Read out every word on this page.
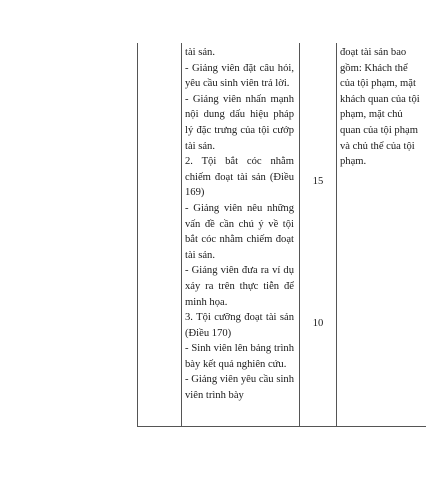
tài sản.

- Giảng viên đặt câu hỏi, yêu cầu sinh viên trả lời.

- Giảng viên nhấn mạnh nội dung dấu hiệu pháp lý đặc trưng của tội cướp tài sản.

2. Tội bắt cóc nhằm chiếm đoạt tài sản (Điều 169)

- Giảng viên nêu những vấn đề cần chú ý về tội bắt cóc nhằm chiếm đoạt tài sản.

- Giảng viên đưa ra ví dụ xảy ra trên thực tiễn để minh họa.

3. Tội cưỡng đoạt tài sản (Điều 170)

- Sinh viên lên bảng trình bày kết quả nghiên cứu.

- Giảng viên yêu cầu sinh viên trình bày

15
10

đoạt tài sản bao

gồm: Khách thể

của tội phạm, mặt

khách quan của tội

phạm, mặt chủ

quan của tội phạm

và chủ thể của tội

phạm.
